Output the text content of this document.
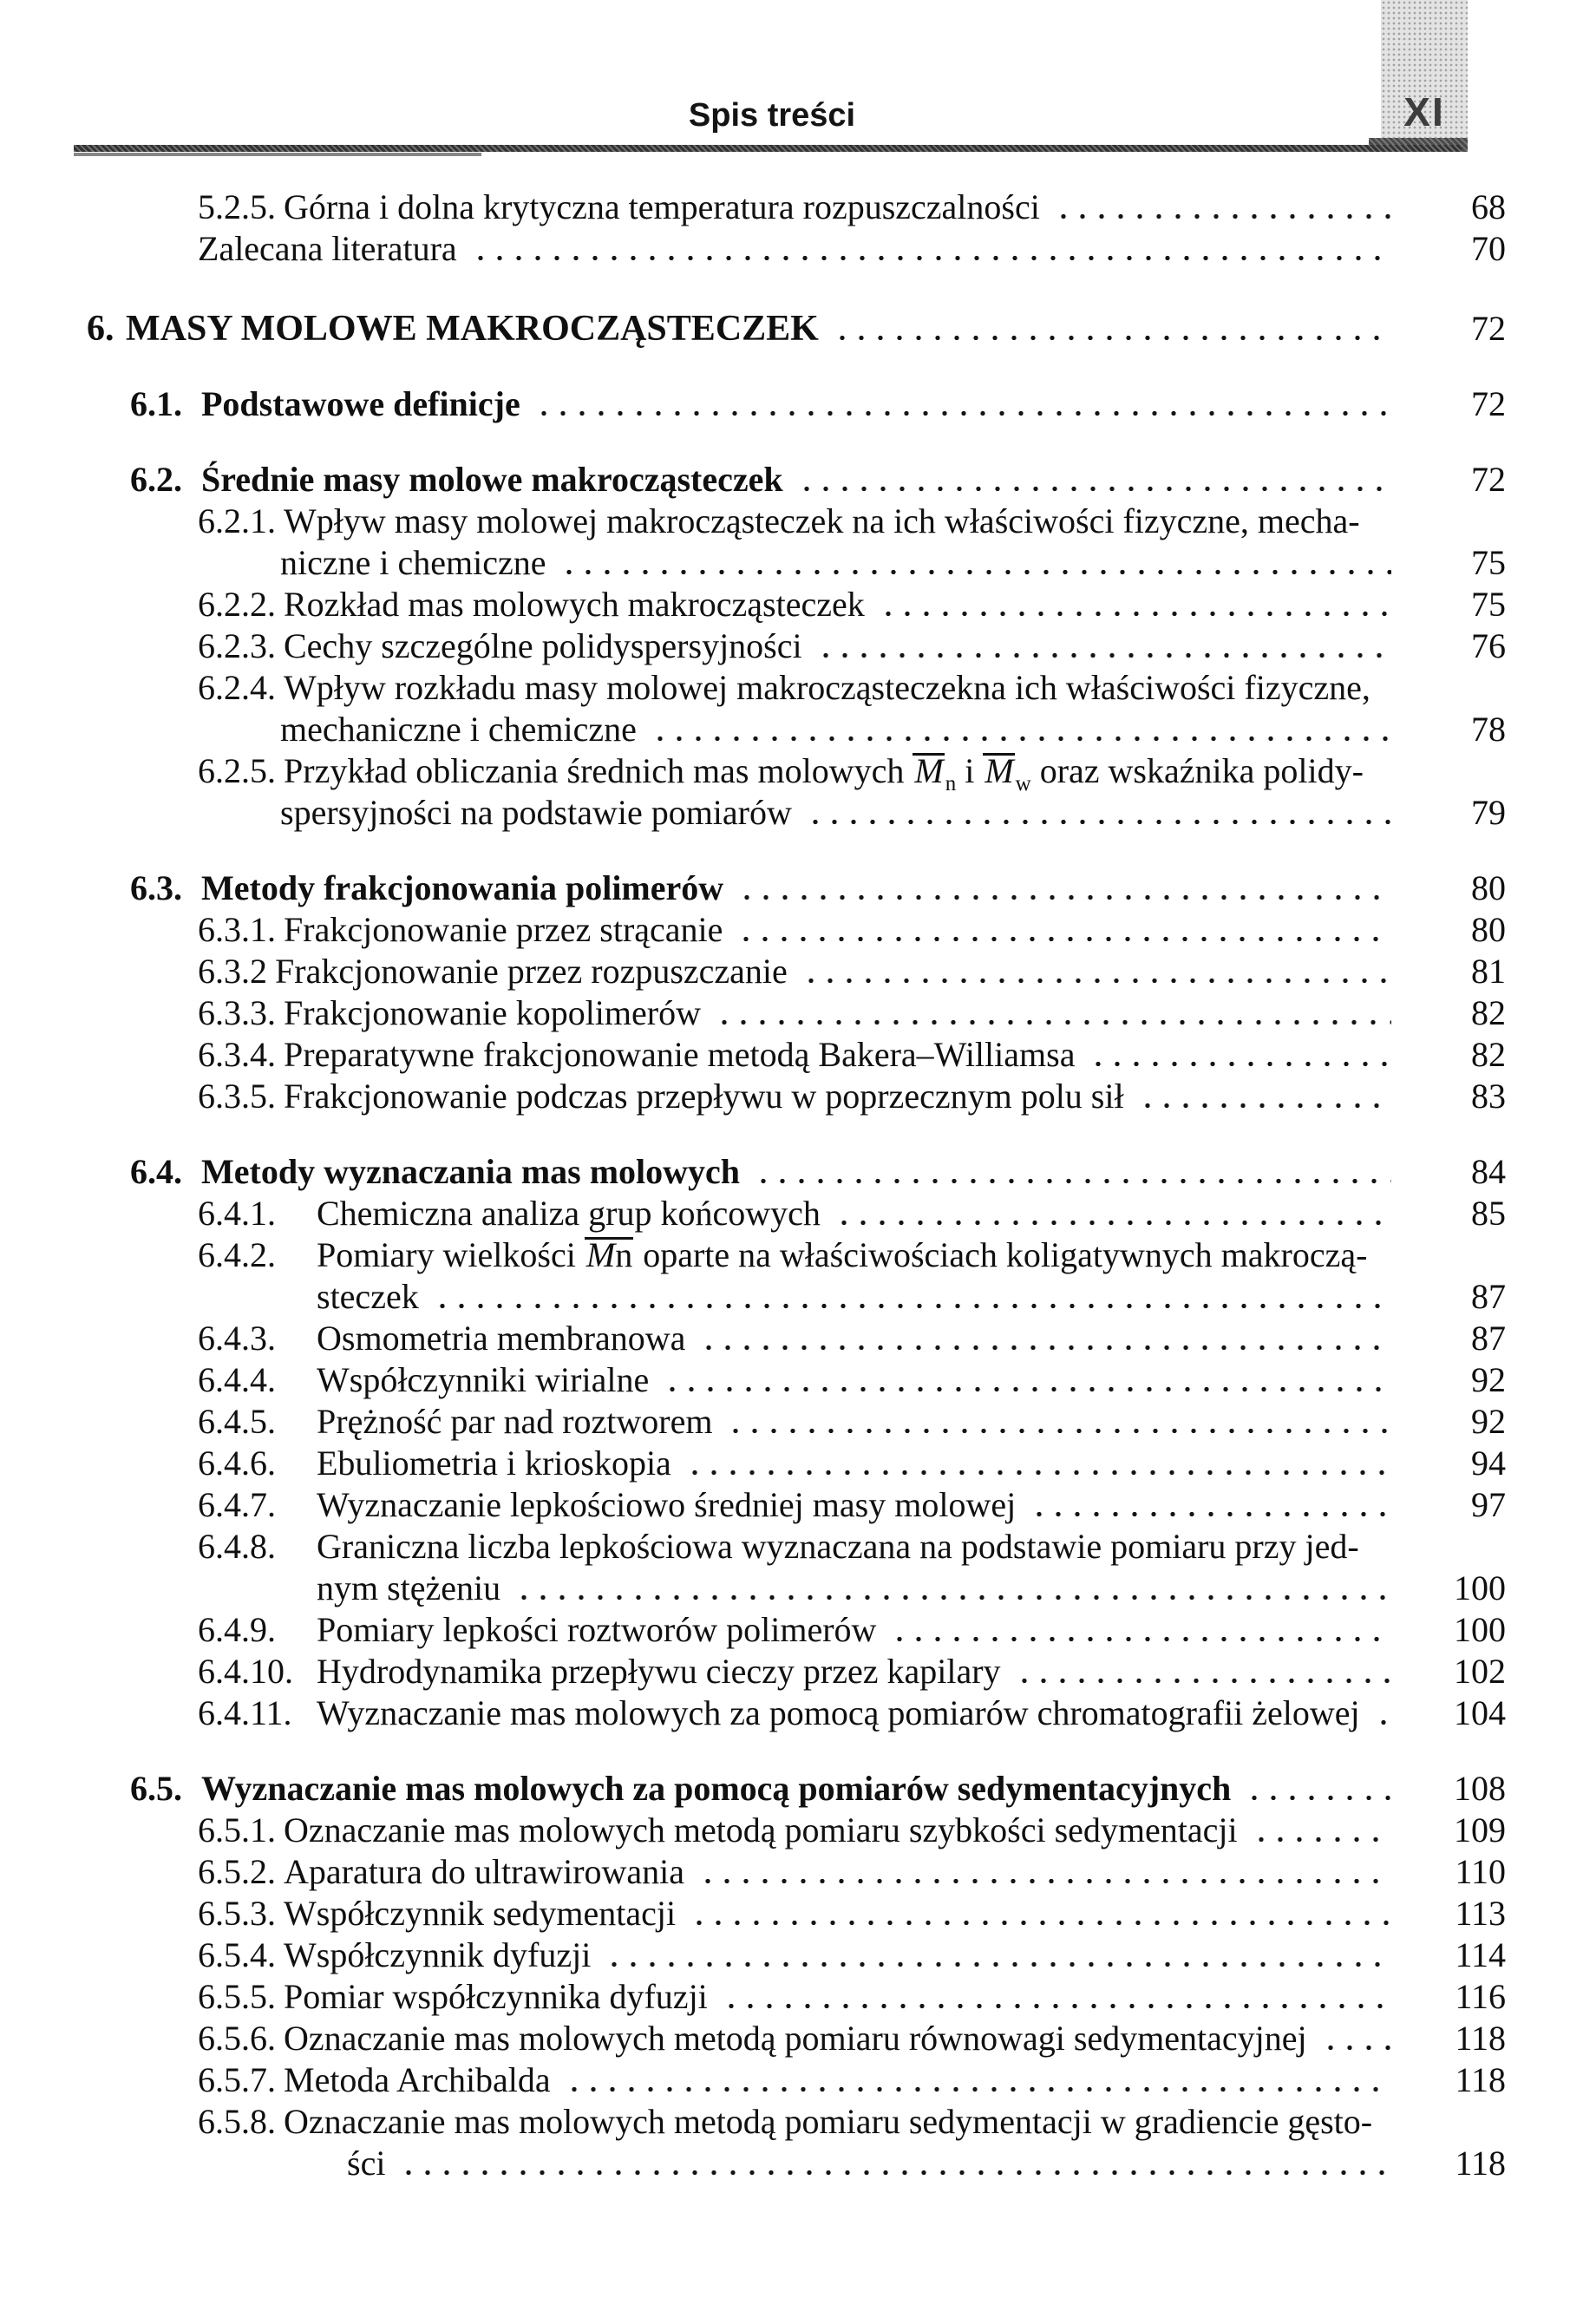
XI
Spis treści
5.2.5. Górna i dolna krytyczna temperatura rozpuszczalności	68
Zalecana literatura	70
6. MASY MOLOWE MAKROCZĄSTECZEK	72
6.1. Podstawowe definicje	72
6.2. Średnie masy molowe makrocząsteczek	72
6.2.1. Wpływ masy molowej makrocząsteczek na ich właściwości fizyczne, mecha-
niczne i chemiczne	75
6.2.2. Rozkład mas molowych makrocząsteczek	75
6.2.3. Cechy szczególne polidyspersyjności	76
6.2.4. Wpływ rozkładu masy molowej makrocząsteczekna ich właściwości fizyczne,
mechaniczne i chemiczne	78
6.2.5. Przykład obliczania średnich mas molowych $M_n$ i $M_w$ oraz wskaźnika polidy-
spersyjności na podstawie pomiarów	79
6.3. Metody frakcjonowania polimerów	80
6.3.1. Frakcjonowanie przez strącanie	80
6.3.2 Frakcjonowanie przez rozpuszczanie	81
6.3.3. Frakcjonowanie kopolimerów	82
6.3.4. Preparatywne frakcjonowanie metodą Bakera–Williamsa	82
6.3.5. Frakcjonowanie podczas przepływu w poprzecznym polu sił	83
6.4. Metody wyznaczania mas molowych	84
6.4.1. Chemiczna analiza grup końcowych	85
6.4.2. Pomiary wielkości Mn oparte na właściwościach koligatywnych makroczą-
steczek	87
6.4.3. Osmometria membranowa	87
6.4.4. Współczynniki wirialne	92
6.4.5. Prężność par nad roztworem	92
6.4.6. Ebuliometria i krioskopia	94
6.4.7. Wyznaczanie lepkościowo średniej masy molowej	97
6.4.8. Graniczna liczba lepkościowa wyznaczana na podstawie pomiaru przy jed-
nym stężeniu	100
6.4.9. Pomiary lepkości roztworów polimerów	100
6.4.10. Hydrodynamika przepływu cieczy przez kapilary	102
6.4.11. Wyznaczanie mas molowych za pomocą pomiarów chromatografii żelowej	104
6.5. Wyznaczanie mas molowych za pomocą pomiarów sedymentacyjnych	108
6.5.1. Oznaczanie mas molowych metodą pomiaru szybkości sedymentacji	109
6.5.2. Aparatura do ultrawirowania	110
6.5.3. Współczynnik sedymentacji	113
6.5.4. Współczynnik dyfuzji	114
6.5.5. Pomiar współczynnika dyfuzji	116
6.5.6. Oznaczanie mas molowych metodą pomiaru równowagi sedymentacyjnej	118
6.5.7. Metoda Archibalda	118
6.5.8. Oznaczanie mas molowych metodą pomiaru sedymentacji w gradiencie gęsto-
ści	118
